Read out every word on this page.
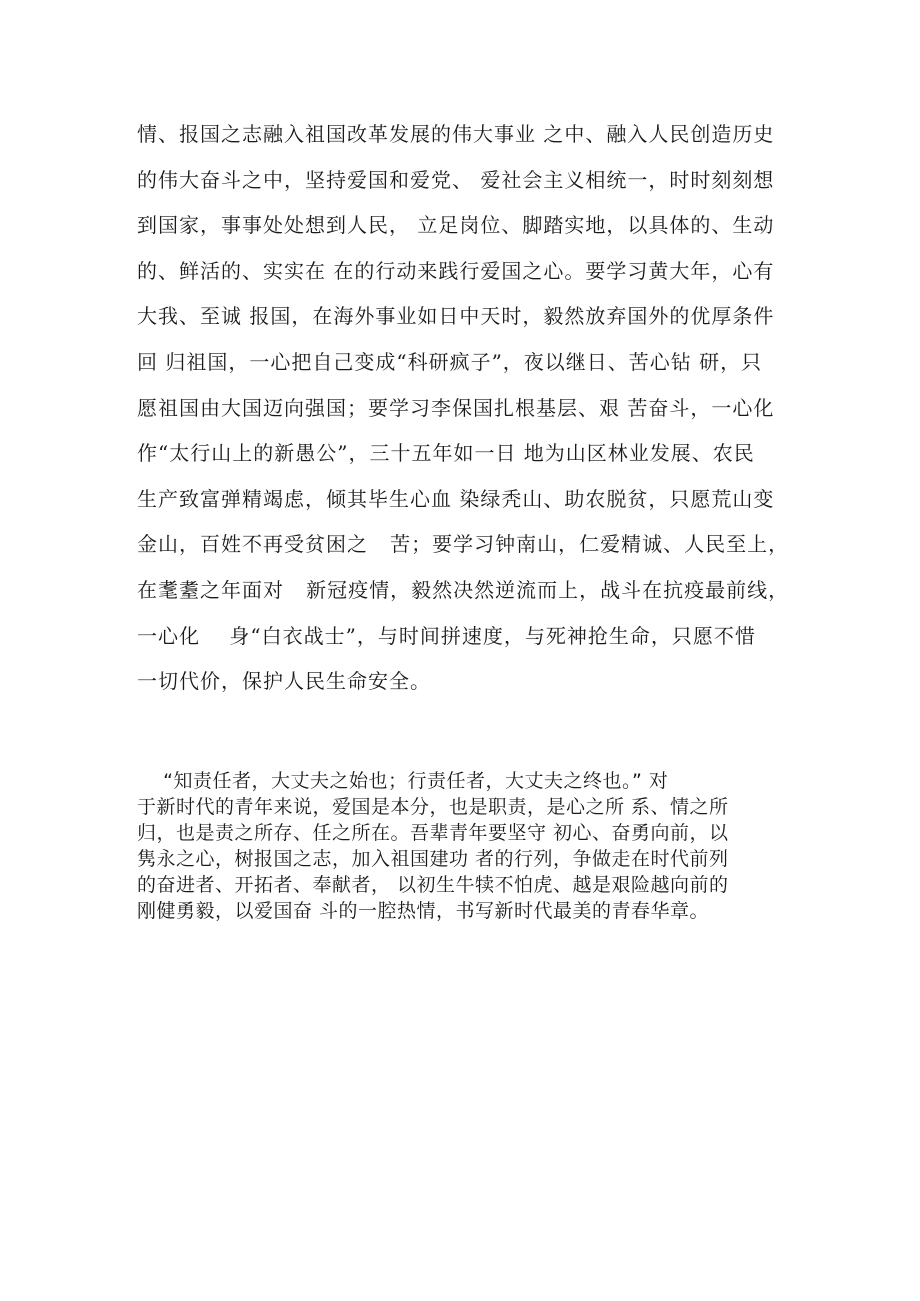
情、报国之志融入祖国改革发展的伟大事业 之中、融入人民创造历史
的伟大奋斗之中，坚持爱国和爱党、 爱社会主义相统一，时时刻刻想
到国家，事事处处想到人民， 立足岗位、脚踏实地，以具体的、生动
的、鲜活的、实实在 在的行动来践行爱国之心。要学习黄大年，心有
大我、至诚 报国，在海外事业如日中天时，毅然放弃国外的优厚条件
回 归祖国，一心把自己变成“科研疯子”，夜以继日、苦心钻 研，只
愿祖国由大国迈向强国；要学习李保国扎根基层、艰 苦奋斗，一心化
作“太行山上的新愚公”，三十五年如一日 地为山区林业发展、农民
生产致富弹精竭虑，倾其毕生心血 染绿秃山、助农脱贫，只愿荒山变
金山，百姓不再受贫困之   苦；要学习钟南山，仁爱精诚、人民至上，
在耄耋之年面对   新冠疫情，毅然决然逆流而上，战斗在抗疫最前线，
一心化    身“白衣战士”，与时间拼速度，与死神抢生命，只愿不惜
一切代价，保护人民生命安全。

“知责任者，大丈夫之始也；行责任者，大丈夫之终也。” 对
于新时代的青年来说，爱国是本分，也是职责，是心之所 系、情之所
归，也是责之所存、任之所在。吾辈青年要坚守 初心、奋勇向前，以
隽永之心，树报国之志，加入祖国建功 者的行列，争做走在时代前列
的奋进者、开拓者、奉献者， 以初生牛犊不怕虎、越是艰险越向前的
刚健勇毅，以爱国奋 斗的一腔热情，书写新时代最美的青春华章。
